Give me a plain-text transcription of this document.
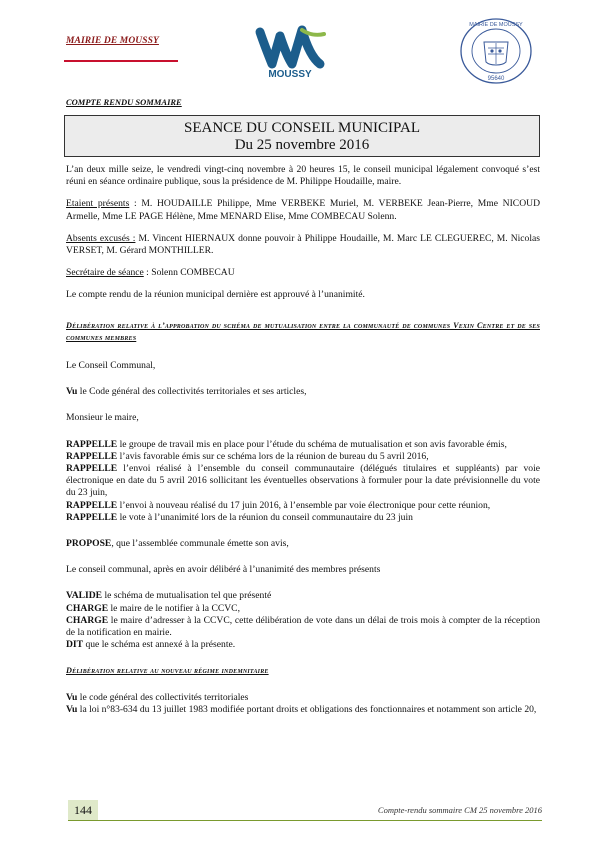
MAIRIE DE MOUSSY
MOUSSY
MAIRIE DE MOUSSY
95640
COMPTE RENDU SOMMAIRE
SEANCE DU CONSEIL MUNICIPAL
Du 25 novembre 2016

L’an deux mille seize, le vendredi vingt-cinq novembre à 20 heures 15, le conseil municipal légalement convoqué s’est réuni en séance ordinaire publique, sous la présidence de M. Philippe Houdaille, maire.

Etaient présents : M. HOUDAILLE Philippe, Mme VERBEKE Muriel, M. VERBEKE Jean-Pierre, Mme NICOUD Armelle, Mme LE PAGE Hélène, Mme MENARD Elise, Mme COMBECAU Solenn.

Absents excusés : M. Vincent HIERNAUX donne pouvoir à Philippe Houdaille, M. Marc LE CLEGUEREC, M. Nicolas VERSET, M. Gérard MONTHILLER.

Secrétaire de séance : Solenn COMBECAU

Le compte rendu de la réunion municipal dernière est approuvé à l’unanimité.

Délibération relative à l’approbation du schéma de mutualisation entre la communauté de communes Vexin Centre et de ses communes membres

Le Conseil Communal,

Vu le Code général des collectivités territoriales et ses articles,

Monsieur le maire,

RAPPELLE le groupe de travail mis en place pour l’étude du schéma de mutualisation et son avis favorable émis,

RAPPELLE l’avis favorable émis sur ce schéma lors de la réunion de bureau du 5 avril 2016,

RAPPELLE l’envoi réalisé à l’ensemble du conseil communautaire (délégués titulaires et suppléants) par voie électronique en date du 5 avril 2016 sollicitant les éventuelles observations à formuler pour la date prévisionnelle du vote du 23 juin,

RAPPELLE l’envoi à nouveau réalisé du 17 juin 2016, à l’ensemble par voie électronique pour cette réunion,

RAPPELLE le vote à l’unanimité lors de la réunion du conseil communautaire du 23 juin

PROPOSE, que l’assemblée communale émette son avis,

Le conseil communal, après en avoir délibéré à l’unanimité des membres présents

VALIDE le schéma de mutualisation tel que présenté

CHARGE le maire de le notifier à la CCVC,

CHARGE le maire d’adresser à la CCVC, cette délibération de vote dans un délai de trois mois à compter de la réception de la notification en mairie.

DIT que le schéma est annexé à la présente.

Délibération relative au nouveau régime indemnitaire

Vu le code général des collectivités territoriales

Vu la loi n°83-634 du 13 juillet 1983 modifiée portant droits et obligations des fonctionnaires et notamment son article 20,

144	Compte-rendu sommaire CM 25 novembre 2016
